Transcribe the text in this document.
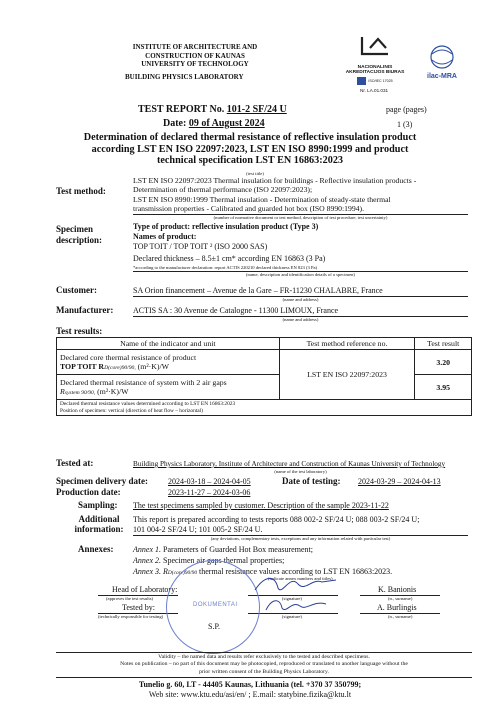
INSTITUTE OF ARCHITECTURE AND
CONSTRUCTION OF KAUNAS
UNIVERSITY OF TECHNOLOGY
BUILDING PHYSICS LABORATORY
NACIONALINIS
AKREDITACIJOS BIURAS
ISO/IEC 17025
ilac-MRA
Nr. LA.01.031
TEST REPORT No. 101-2 SF/24 U
Date: 09 of August 2024
page (pages)
1 (3)
Determination of declared thermal resistance of reflective insulation product
according LST EN ISO 22097:2023, LST EN ISO 8990:1999 and product
technical specification LST EN 16863:2023
(test title)
Test method:
LST EN ISO 22097:2023 Thermal insulation for buildings - Reflective insulation products -
Determination of thermal performance (ISO 22097:2023);
LST EN ISO 8990:1999 Thermal insulation - Determination of steady-state thermal
transmission properties - Calibrated and guarded hot box (ISO 8990:1994).
(number of normative document or test method, description of test procedure, test uncertainty)
Specimen
description:
Type of product: reflective insulation product (Type 3)
Names of product:
TOP TOIT / TOP TOIT ² (ISO 2000 SAS)
Declared thickness – 8.5±1 cm* according EN 16863 (3 Pa)
*according to the manufacturer declaration: report ACTIS 220210 declared thickness EN 823 (3 Pa)
(name, description and identification details of a specimen)
Customer:	SA Orion financement – Avenue de la Gare – FR-11230 CHALABRE, France
(name and address)
Manufacturer: ACTIS SA : 30 Avenue de Catalogne - 11300 LIMOUX, France
(name and address)
Test results:
Name of the indicator and unit	Test method reference no.	Test result

Declared core thermal resistance of product
TOP TOIT RD(core)90/90, (m²·K)/W	LST EN ISO 22097:2023	3.20

Declared thermal resistance of system with 2 air gaps
Rsystem 90/90, (m²·K)/W		3.95

Declared thermal resistance values determined according to LST EN 16863:2023
Position of specimen: vertical (direction of heat flow – horizontal)		
Tested at:	Building Physics Laboratory, Institute of Architecture and Construction of Kaunas University of Technology
(name of the test laboratory)
Specimen delivery date:	2024-03-18 – 2024-04-05	Date of testing: 2024-03-29 – 2024-04-13
Production date:	2023-11-27 – 2024-03-06
Sampling: The test specimens sampled by customer. Description of the sample 2023-11-22
Additional
information:
This report is prepared according to tests reports 088 002-2 SF/24 U; 088 003-2 SF/24 U;
101 004-2 SF/24 U; 101 005-2 SF/24 U.
(any deviations, complementary tests, exceptions and any information related with particular test)
Annexes: Annex 1. Parameters of Guarded Hot Box measurement;
Annex 2. Specimen air gaps thermal properties;
Annex 3. RD(core)90/90 thermal resistance values according to LST EN 16863:2023.
(indicate annex numbers and titles)
Head of Laboratory:
(approves the test results)
Tested by:
(technically responsible for testing)
(signature)
(signature)
K. Banionis
(n., surname)
A. Burlingis
(n., surname)
S.P.
DOKUMENTAI
Validity – the named data and results refer exclusively to the tested and described specimens.
Notes on publication – no part of this document may be photocopied, reproduced or translated to another language without the
prior written consent of the Building Physics Laboratory.
Tunelio g. 60, LT - 44405 Kaunas, Lithuania (tel. +370 37 350799;
Web site: www.ktu.edu/asi/en/ ; E.mail: statybine.fizika@ktu.lt
